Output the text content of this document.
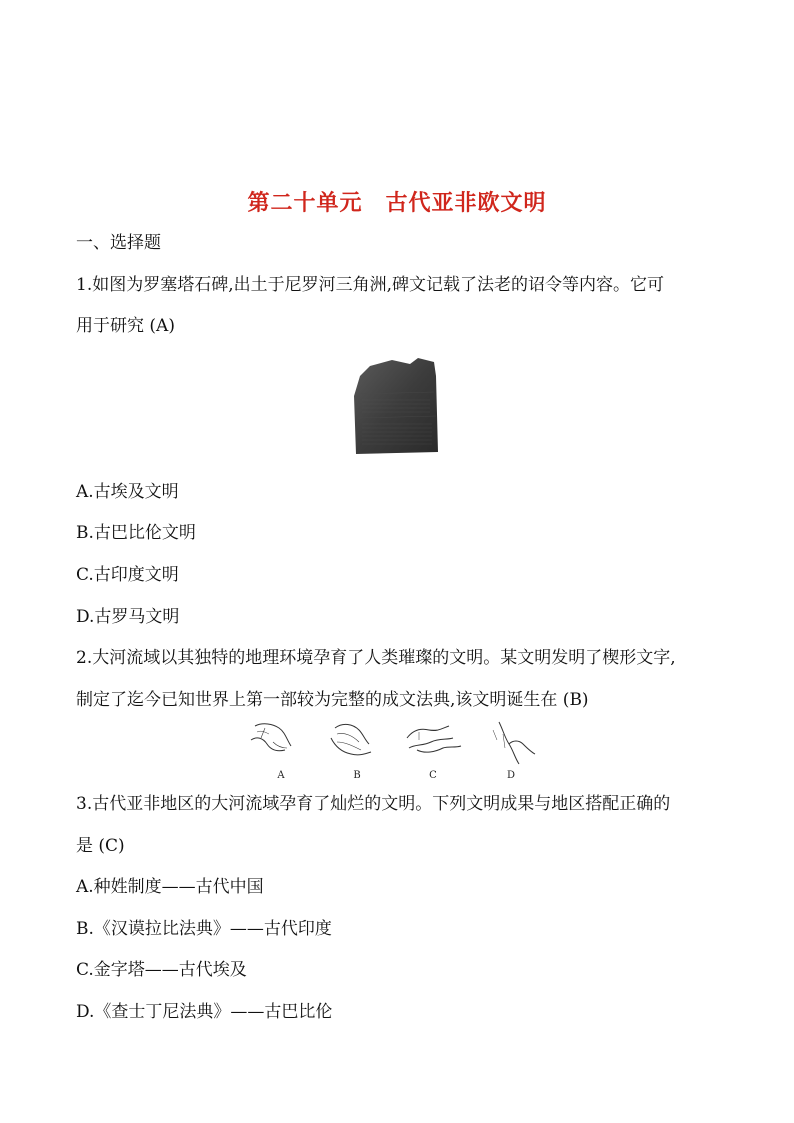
第二十单元　古代亚非欧文明
一、选择题
1.如图为罗塞塔石碑,出土于尼罗河三角洲,碑文记载了法老的诏令等内容。它可
用于研究 (A)
A.古埃及文明
B.古巴比伦文明
C.古印度文明
D.古罗马文明
2.大河流域以其独特的地理环境孕育了人类璀璨的文明。某文明发明了楔形文字,
制定了迄今已知世界上第一部较为完整的成文法典,该文明诞生在 (B)
A	B	C	D
3.古代亚非地区的大河流域孕育了灿烂的文明。下列文明成果与地区搭配正确的
是 (C)
A.种姓制度——古代中国
B.《汉谟拉比法典》——古代印度
C.金字塔——古代埃及
D.《查士丁尼法典》——古巴比伦
